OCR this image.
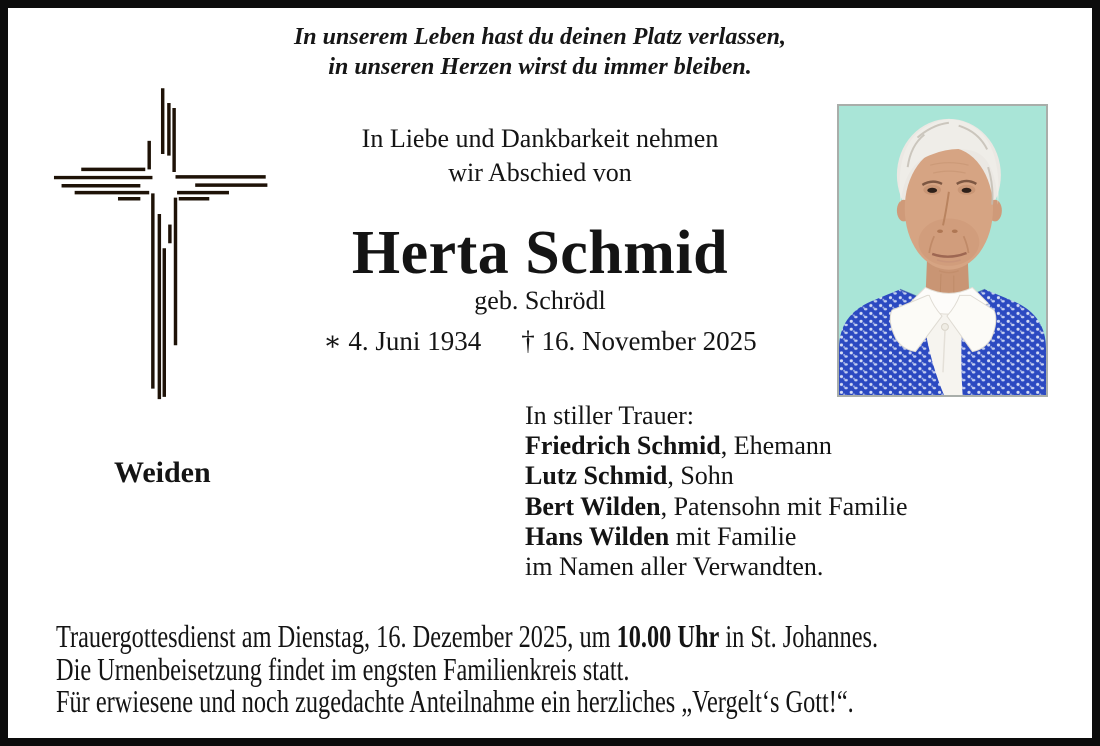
In unserem Leben hast du deinen Platz verlassen,
in unseren Herzen wirst du immer bleiben.
In Liebe und Dankbarkeit nehmen
wir Abschied von
Herta Schmid
geb. Schrödl
∗ 4. Juni 1934 † 16. November 2025
In stiller Trauer:
Friedrich Schmid, Ehemann
Lutz Schmid, Sohn
Bert Wilden, Patensohn mit Familie
Hans Wilden mit Familie
im Namen aller Verwandten.
Weiden
Trauergottesdienst am Dienstag, 16. Dezember 2025, um 10.00 Uhr in St. Johannes.
Die Urnenbeisetzung findet im engsten Familienkreis statt.
Für erwiesene und noch zugedachte Anteilnahme ein herzliches „Vergelt‘s Gott!“.
